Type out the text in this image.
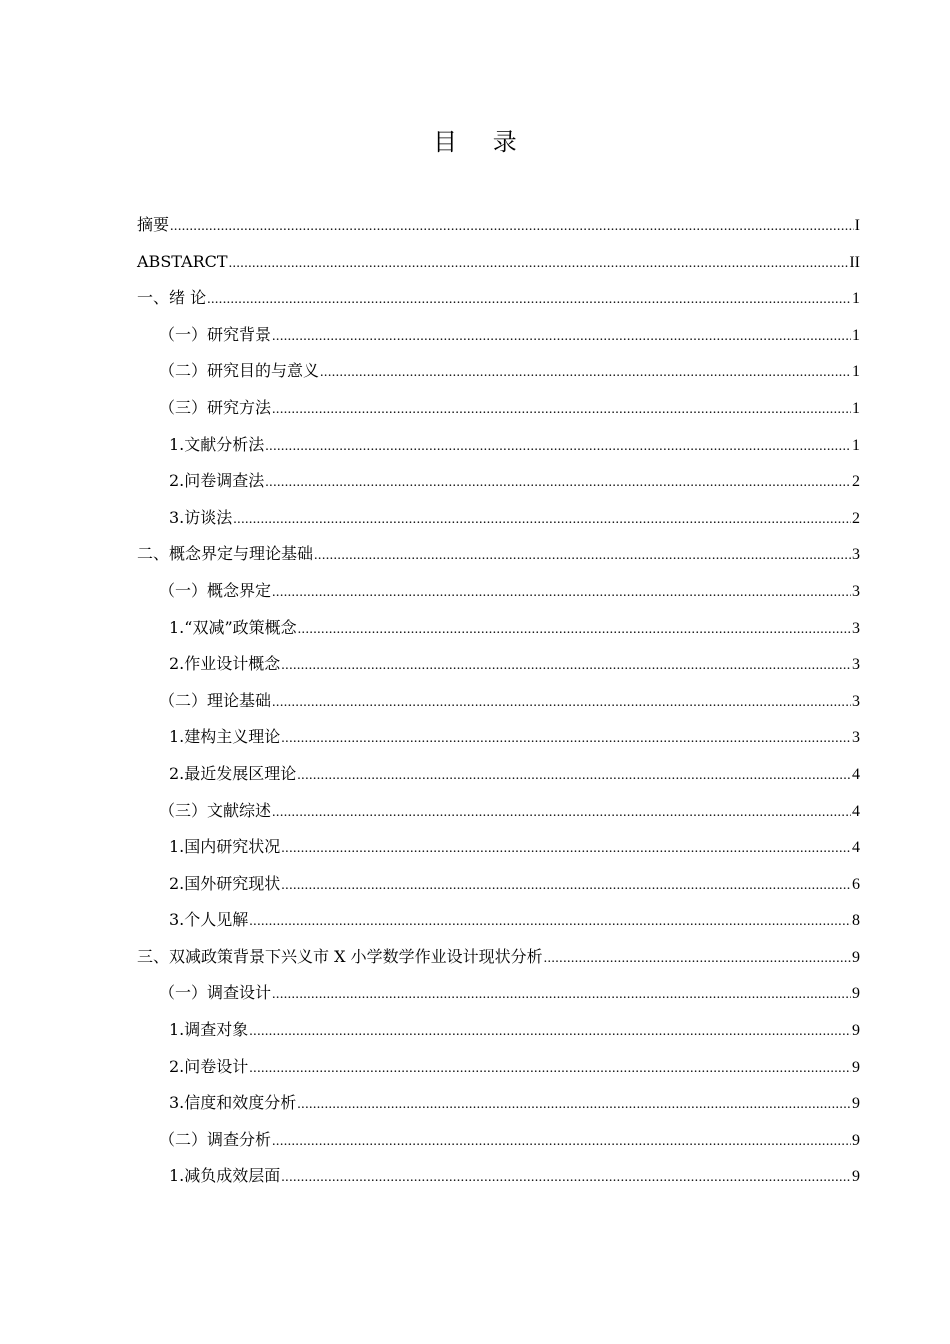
目 录
摘要 .....	I
ABSTARCT .....	II
一、绪 论 .....	1
（一）研究背景 .....	1
（二）研究目的与意义 .....	1
（三）研究方法 .....	1
1.文献分析法 .....	1
2.问卷调查法 .....	2
3.访谈法 .....	2
二、概念界定与理论基础 .....	3
（一）概念界定 .....	3
1.“双减”政策概念 .....	3
2.作业设计概念 .....	3
（二）理论基础 .....	3
1.建构主义理论 .....	3
2.最近发展区理论 .....	4
（三）文献综述 .....	4
1.国内研究状况 .....	4
2.国外研究现状 .....	6
3.个人见解 .....	8
三、双减政策背景下兴义市 X 小学数学作业设计现状分析 .....	9
（一）调查设计 .....	9
1.调查对象 .....	9
2.问卷设计 .....	9
3.信度和效度分析 .....	9
（二）调查分析 .....	9
1.减负成效层面 .....	9
